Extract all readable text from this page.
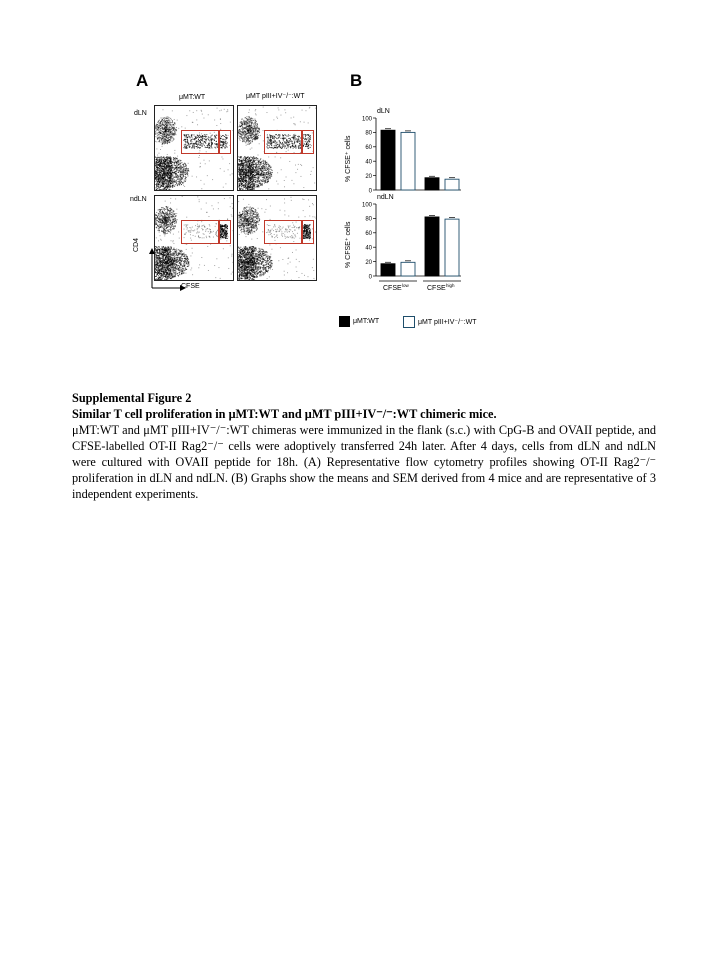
A
μMT:WT	μMT pIII+IV⁻/⁻:WT
dLN
ndLN
CD4
CFSE
B
dLN
% CFSE⁺ cells
0
20
40
60
80
100
ndLN
% CFSE⁺ cells
0
20
40
60
80
100
CFSE low	CFSE high
μMT:WT	μMT pIII+IV⁻/⁻:WT
Supplemental Figure 2
Similar T cell proliferation in μMT:WT and μMT pIII+IV⁻/⁻:WT chimeric mice.
μMT:WT and μMT pIII+IV⁻/⁻:WT chimeras were immunized in the flank (s.c.) with CpG-B and OVAII peptide, and CFSE-labelled OT-II Rag2⁻/⁻ cells were adoptively transferred 24h later. After 4 days, cells from dLN and ndLN were cultured with OVAII peptide for 18h. (A) Representative flow cytometry profiles showing OT-II Rag2⁻/⁻ proliferation in dLN and ndLN. (B) Graphs show the means and SEM derived from 4 mice and are representative of 3 independent experiments.
